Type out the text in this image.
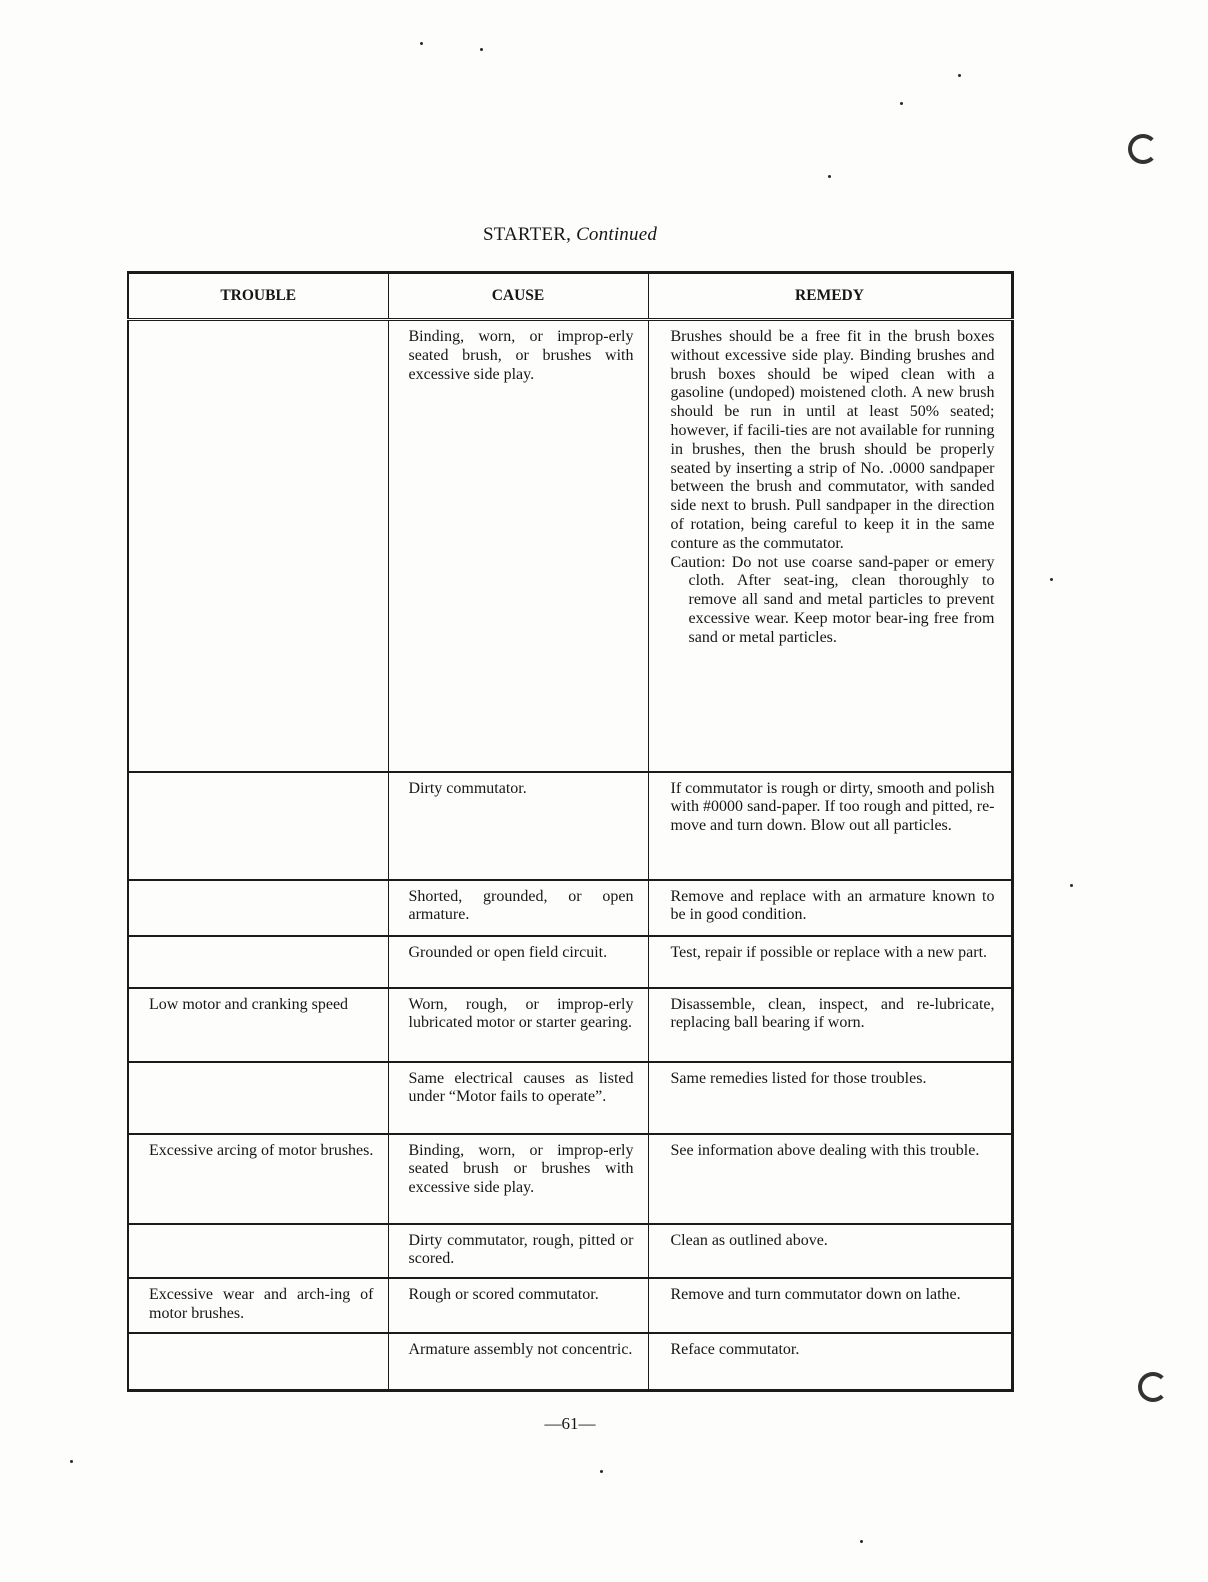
STARTER, Continued
TROUBLE	CAUSE	REMEDY
	Binding, worn, or improp-erly seated brush, or brushes with excessive side play.	Brushes should be a free fit in the brush boxes without excessive side play. Binding brushes and brush boxes should be wiped clean with a gasoline (undoped) moistened cloth. A new brush should be run in until at least 50% seated; however, if facili-ties are not available for running in brushes, then the brush should be properly seated by inserting a strip of No. .0000 sandpaper between the brush and commutator, with sanded side next to brush. Pull sandpaper in the direction of rotation, being careful to keep it in the same conture as the commutator.
Caution: Do not use coarse sand-paper or emery cloth. After seat-ing, clean thoroughly to remove all sand and metal particles to prevent excessive wear. Keep motor bear-ing free from sand or metal particles.

	Dirty commutator.	If commutator is rough or dirty, smooth and polish with #0000 sand-paper. If too rough and pitted, re-move and turn down. Blow out all particles.
	Shorted, grounded, or open armature.	Remove and replace with an armature known to be in good condition.
	Grounded or open field circuit.	Test, repair if possible or replace with a new part.
Low motor and cranking speed	Worn, rough, or improp-erly lubricated motor or starter gearing.	Disassemble, clean, inspect, and re-lubricate, replacing ball bearing if worn.
	Same electrical causes as listed under “Motor fails to operate”.	Same remedies listed for those troubles.
Excessive arcing of motor brushes.	Binding, worn, or improp-erly seated brush or brushes with excessive side play.	See information above dealing with this trouble.
	Dirty commutator, rough, pitted or scored.	Clean as outlined above.
Excessive wear and arch-ing of motor brushes.	Rough or scored commutator.	Remove and turn commutator down on lathe.
	Armature assembly not concentric.	Reface commutator.
—61—
